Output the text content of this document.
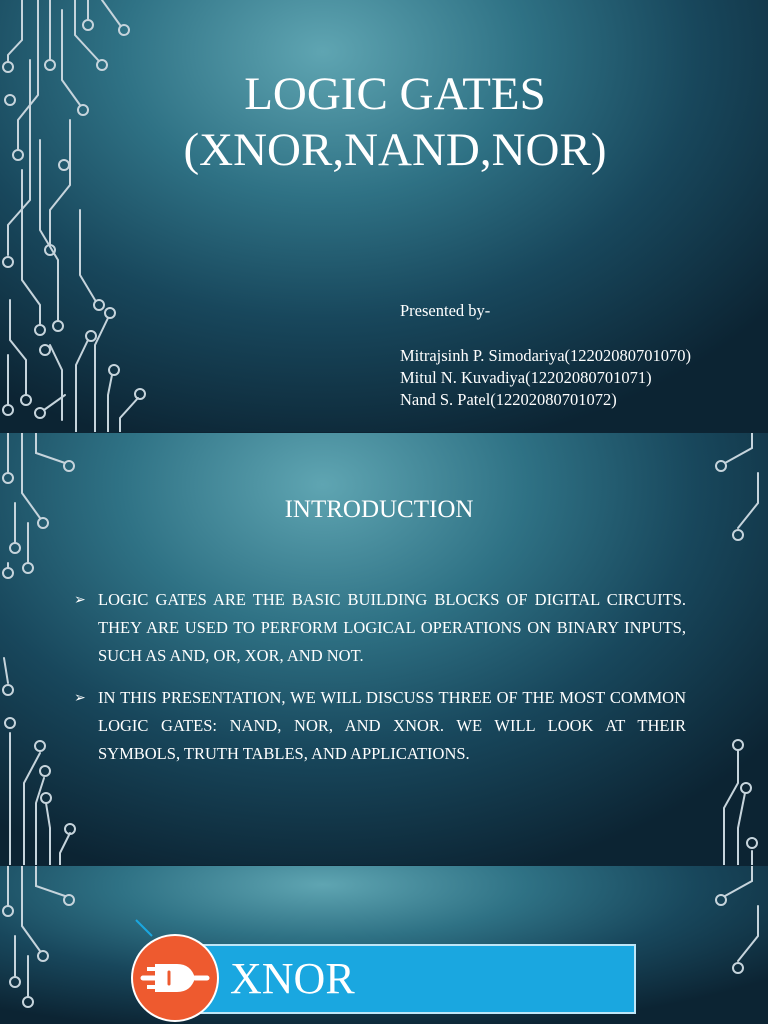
LOGIC GATES
(XNOR,NAND,NOR)
Presented by-
Mitrajsinh P. Simodariya(12202080701070)
Mitul N. Kuvadiya(12202080701071)
Nand S. Patel(12202080701072)
INTRODUCTION
➢ LOGIC GATES ARE THE BASIC BUILDING BLOCKS OF DIGITAL CIRCUITS. THEY ARE USED TO PERFORM LOGICAL OPERATIONS ON BINARY INPUTS, SUCH AS AND, OR, XOR, AND NOT.
➢ IN THIS PRESENTATION, WE WILL DISCUSS THREE OF THE MOST COMMON LOGIC GATES: NAND, NOR, AND XNOR. WE WILL LOOK AT THEIR SYMBOLS, TRUTH TABLES, AND APPLICATIONS.
XNOR
